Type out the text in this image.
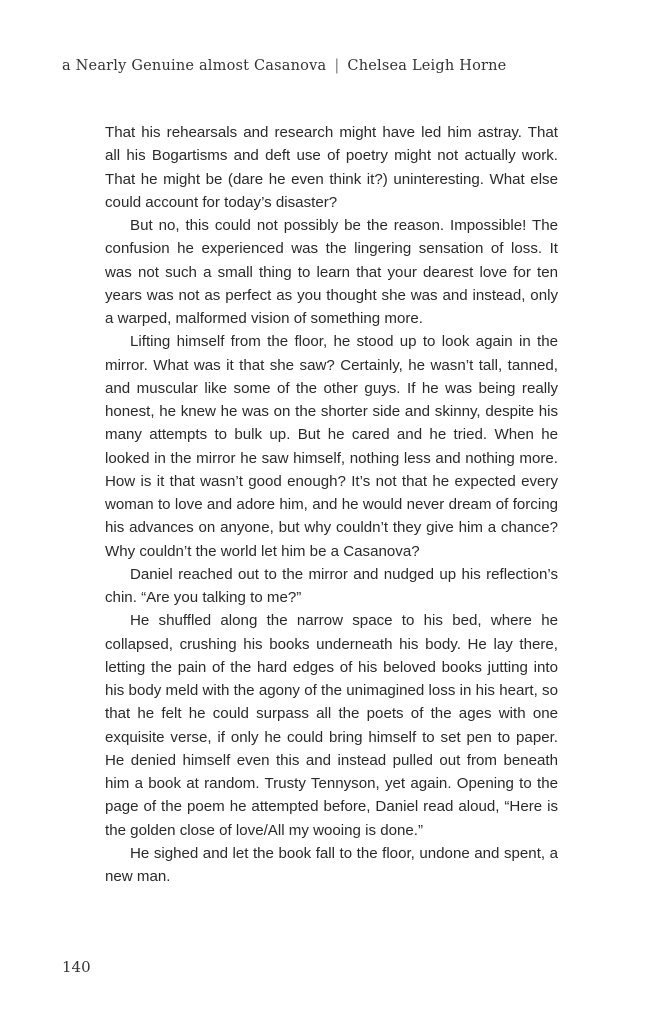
a Nearly Genuine almost Casanova | Chelsea Leigh Horne

That his rehearsals and research might have led him astray. That all his Bogartisms and deft use of poetry might not actually work. That he might be (dare he even think it?) uninteresting. What else could account for today’s disaster?

But no, this could not possibly be the reason. Impossible! The confusion he experienced was the lingering sensation of loss. It was not such a small thing to learn that your dearest love for ten years was not as perfect as you thought she was and instead, only a warped, malformed vision of something more.

Lifting himself from the floor, he stood up to look again in the mirror. What was it that she saw? Certainly, he wasn’t tall, tanned, and muscular like some of the other guys. If he was being really honest, he knew he was on the shorter side and skinny, despite his many attempts to bulk up. But he cared and he tried. When he looked in the mirror he saw himself, nothing less and nothing more. How is it that wasn’t good enough? It’s not that he expected every woman to love and adore him, and he would never dream of forcing his advances on anyone, but why couldn’t they give him a chance? Why couldn’t the world let him be a Casanova?

Daniel reached out to the mirror and nudged up his reflection’s chin. “Are you talking to me?”

He shuffled along the narrow space to his bed, where he collapsed, crushing his books underneath his body. He lay there, letting the pain of the hard edges of his beloved books jutting into his body meld with the agony of the unimagined loss in his heart, so that he felt he could surpass all the poets of the ages with one exquisite verse, if only he could bring himself to set pen to paper. He denied himself even this and instead pulled out from beneath him a book at random. Trusty Tennyson, yet again. Opening to the page of the poem he attempted before, Daniel read aloud, “Here is the golden close of love/All my wooing is done.”

He sighed and let the book fall to the floor, undone and spent, a new man.

140
